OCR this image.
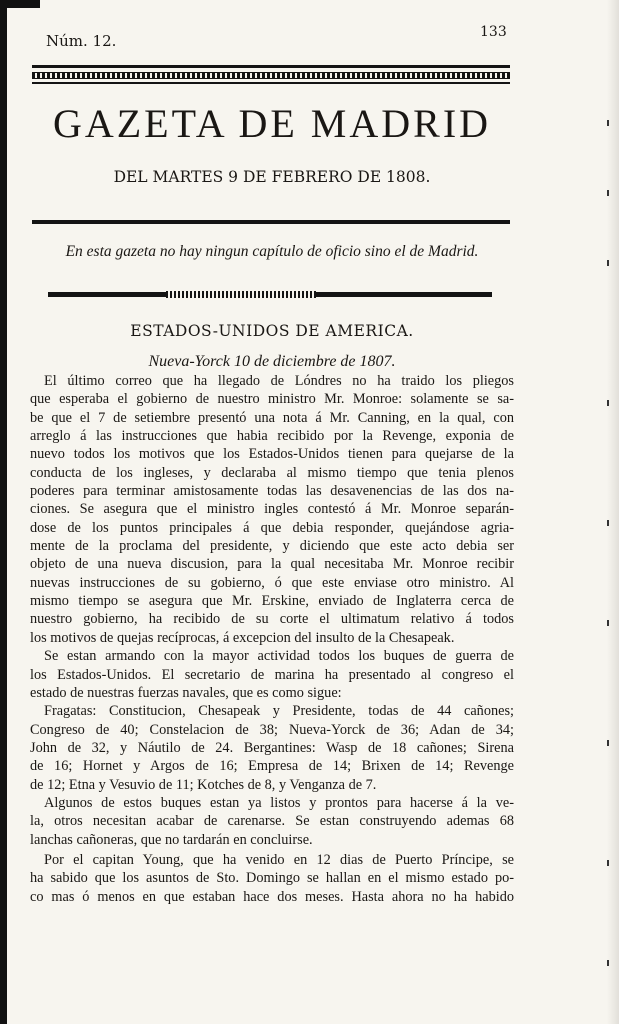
Núm. 12.	133
GAZETA DE MADRID
DEL MARTES 9 DE FEBRERO DE 1808.
En esta gazeta no hay ningun capítulo de oficio sino el de Madrid.
ESTADOS-UNIDOS DE AMERICA.
Nueva-Yorck 10 de diciembre de 1807.
El último correo que ha llegado de Lóndres no ha traido los pliegos
que esperaba el gobierno de nuestro ministro Mr. Monroe: solamente se sa-
be que el 7 de setiembre presentó una nota á Mr. Canning, en la qual, con
arreglo á las instrucciones que habia recibido por la Revenge, exponia de
nuevo todos los motivos que los Estados-Unidos tienen para quejarse de la
conducta de los ingleses, y declaraba al mismo tiempo que tenia plenos
poderes para terminar amistosamente todas las desavenencias de las dos na-
ciones. Se asegura que el ministro ingles contestó á Mr. Monroe separán-
dose de los puntos principales á que debia responder, quejándose agria-
mente de la proclama del presidente, y diciendo que este acto debia ser
objeto de una nueva discusion, para la qual necesitaba Mr. Monroe recibir
nuevas instrucciones de su gobierno, ó que este enviase otro ministro. Al
mismo tiempo se asegura que Mr. Erskine, enviado de Inglaterra cerca de
nuestro gobierno, ha recibido de su corte el ultimatum relativo á todos
los motivos de quejas recíprocas, á excepcion del insulto de la Chesapeak.
Se estan armando con la mayor actividad todos los buques de guerra de
los Estados-Unidos. El secretario de marina ha presentado al congreso el
estado de nuestras fuerzas navales, que es como sigue:
Fragatas: Constitucion, Chesapeak y Presidente, todas de 44 cañones;
Congreso de 40; Constelacion de 38; Nueva-Yorck de 36; Adan de 34;
John de 32, y Náutilo de 24. Bergantines: Wasp de 18 cañones; Sirena
de 16; Hornet y Argos de 16; Empresa de 14; Brixen de 14; Revenge
de 12; Etna y Vesuvio de 11; Kotches de 8, y Venganza de 7.
Algunos de estos buques estan ya listos y prontos para hacerse á la ve-
la, otros necesitan acabar de carenarse. Se estan construyendo ademas 68
lanchas cañoneras, que no tardarán en concluirse.
Por el capitan Young, que ha venido en 12 dias de Puerto Príncipe, se
ha sabido que los asuntos de Sto. Domingo se hallan en el mismo estado po-
co mas ó menos en que estaban hace dos meses. Hasta ahora no ha habido
